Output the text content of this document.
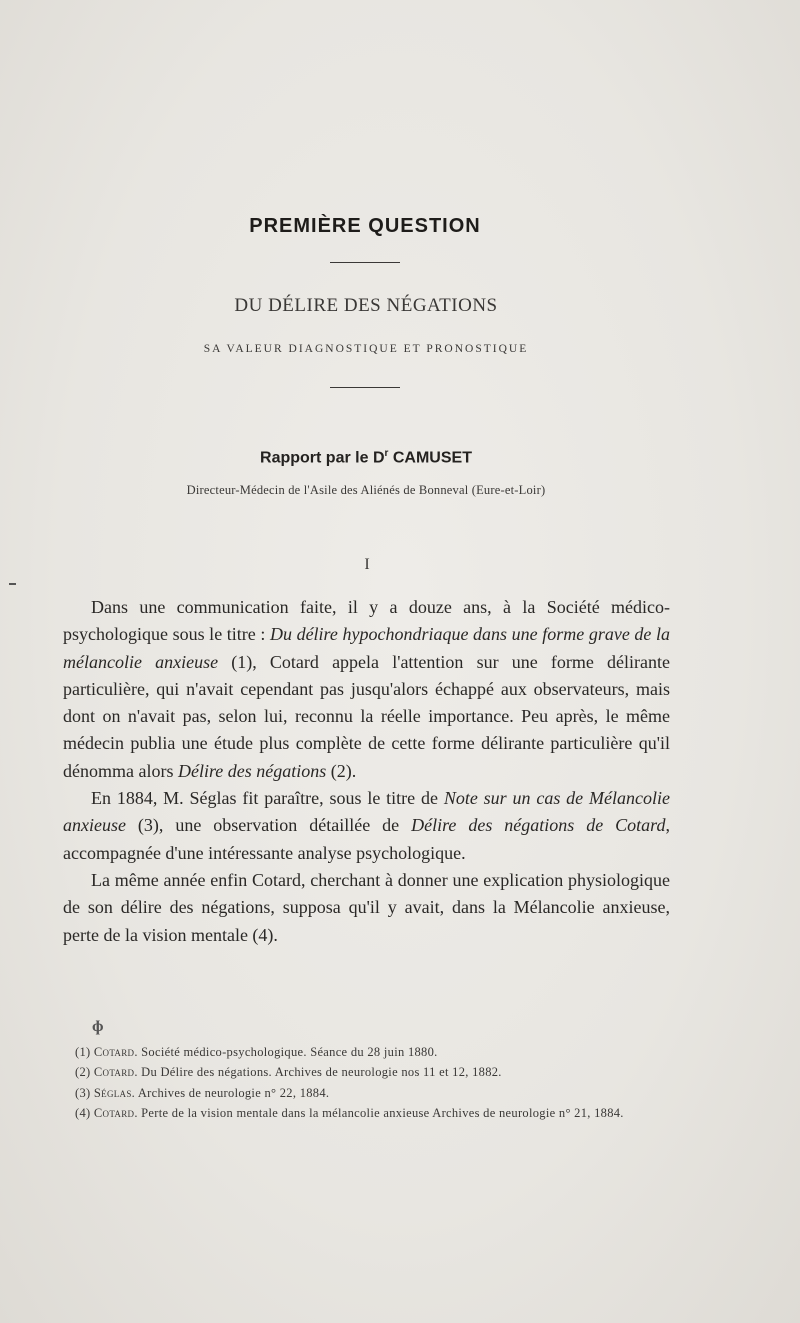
PREMIÈRE QUESTION
DU DÉLIRE DES NÉGATIONS
SA VALEUR DIAGNOSTIQUE ET PRONOSTIQUE
Rapport par le $D^r$ CAMUSET
Directeur-Médecin de l'Asile des Aliénés de Bonneval (Eure-et-Loir)
I

Dans une communication faite, il y a douze ans, à la Société médico-psychologique sous le titre : Du délire hypochondriaque dans une forme grave de la mélancolie anxieuse (1), Cotard appela l'attention sur une forme délirante particulière, qui n'avait cependant pas jusqu'alors échappé aux observateurs, mais dont on n'avait pas, selon lui, reconnu la réelle importance. Peu après, le même médecin publia une étude plus complète de cette forme délirante particulière qu'il dénomma alors Délire des négations (2).

En 1884, M. Séglas fit paraître, sous le titre de Note sur un cas de Mélancolie anxieuse (3), une observation détaillée de Délire des négations de Cotard, accompagnée d'une intéressante analyse psychologique.

La même année enfin Cotard, cherchant à donner une explication physiologique de son délire des négations, supposa qu'il y avait, dans la Mélancolie anxieuse, perte de la vision mentale (4).

ɸ
(1) Cotard. Société médico-psychologique. Séance du 28 juin 1880.
(2) Cotard. Du Délire des négations. Archives de neurologie nos 11 et 12, 1882.
(3) Séglas. Archives de neurologie n° 22, 1884.
(4) Cotard. Perte de la vision mentale dans la mélancolie anxieuse Archives de neurologie n° 21, 1884.
